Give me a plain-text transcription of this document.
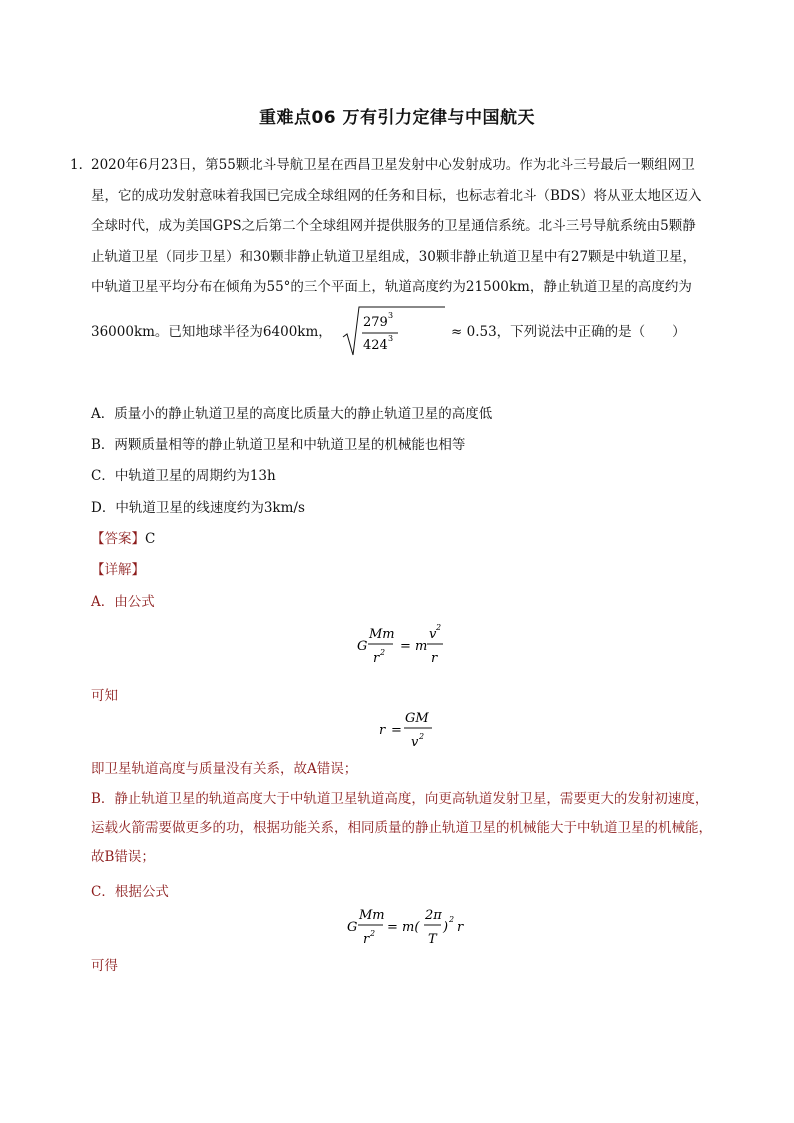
重难点06 万有引力定律与中国航天
1．
2020年6月23日，第55颗北斗导航卫星在西昌卫星发射中心发射成功。作为北斗三号最后一颗组网卫
星，它的成功发射意味着我国已完成全球组网的任务和目标，也标志着北斗（BDS）将从亚太地区迈入
全球时代，成为美国GPS之后第二个全球组网并提供服务的卫星通信系统。北斗三号导航系统由5颗静
止轨道卫星（同步卫星）和30颗非静止轨道卫星组成，30颗非静止轨道卫星中有27颗是中轨道卫星，
中轨道卫星平均分布在倾角为55°的三个平面上，轨道高度约为21500km，静止轨道卫星的高度约为
36000km。已知地球半径为6400km，
279 3
424 3	≈ 0.53，下列说法中正确的是（　　）
A．质量小的静止轨道卫星的高度比质量大的静止轨道卫星的高度低
B．两颗质量相等的静止轨道卫星和中轨道卫星的机械能也相等
C．中轨道卫星的周期约为13h
D．中轨道卫星的线速度约为3km/s
【答案】C
【详解】
A．由公式
G
Mm
r 2 = m
v 2
r
可知
r =
GM
v 2
即卫星轨道高度与质量没有关系，故A错误；
B．静止轨道卫星的轨道高度大于中轨道卫星轨道高度，向更高轨道发射卫星，需要更大的发射初速度，
运载火箭需要做更多的功，根据功能关系，相同质量的静止轨道卫星的机械能大于中轨道卫星的机械能，
故B错误；
C．根据公式
G
Mm
r 2 = m(
2π
T
)
2
r
可得
